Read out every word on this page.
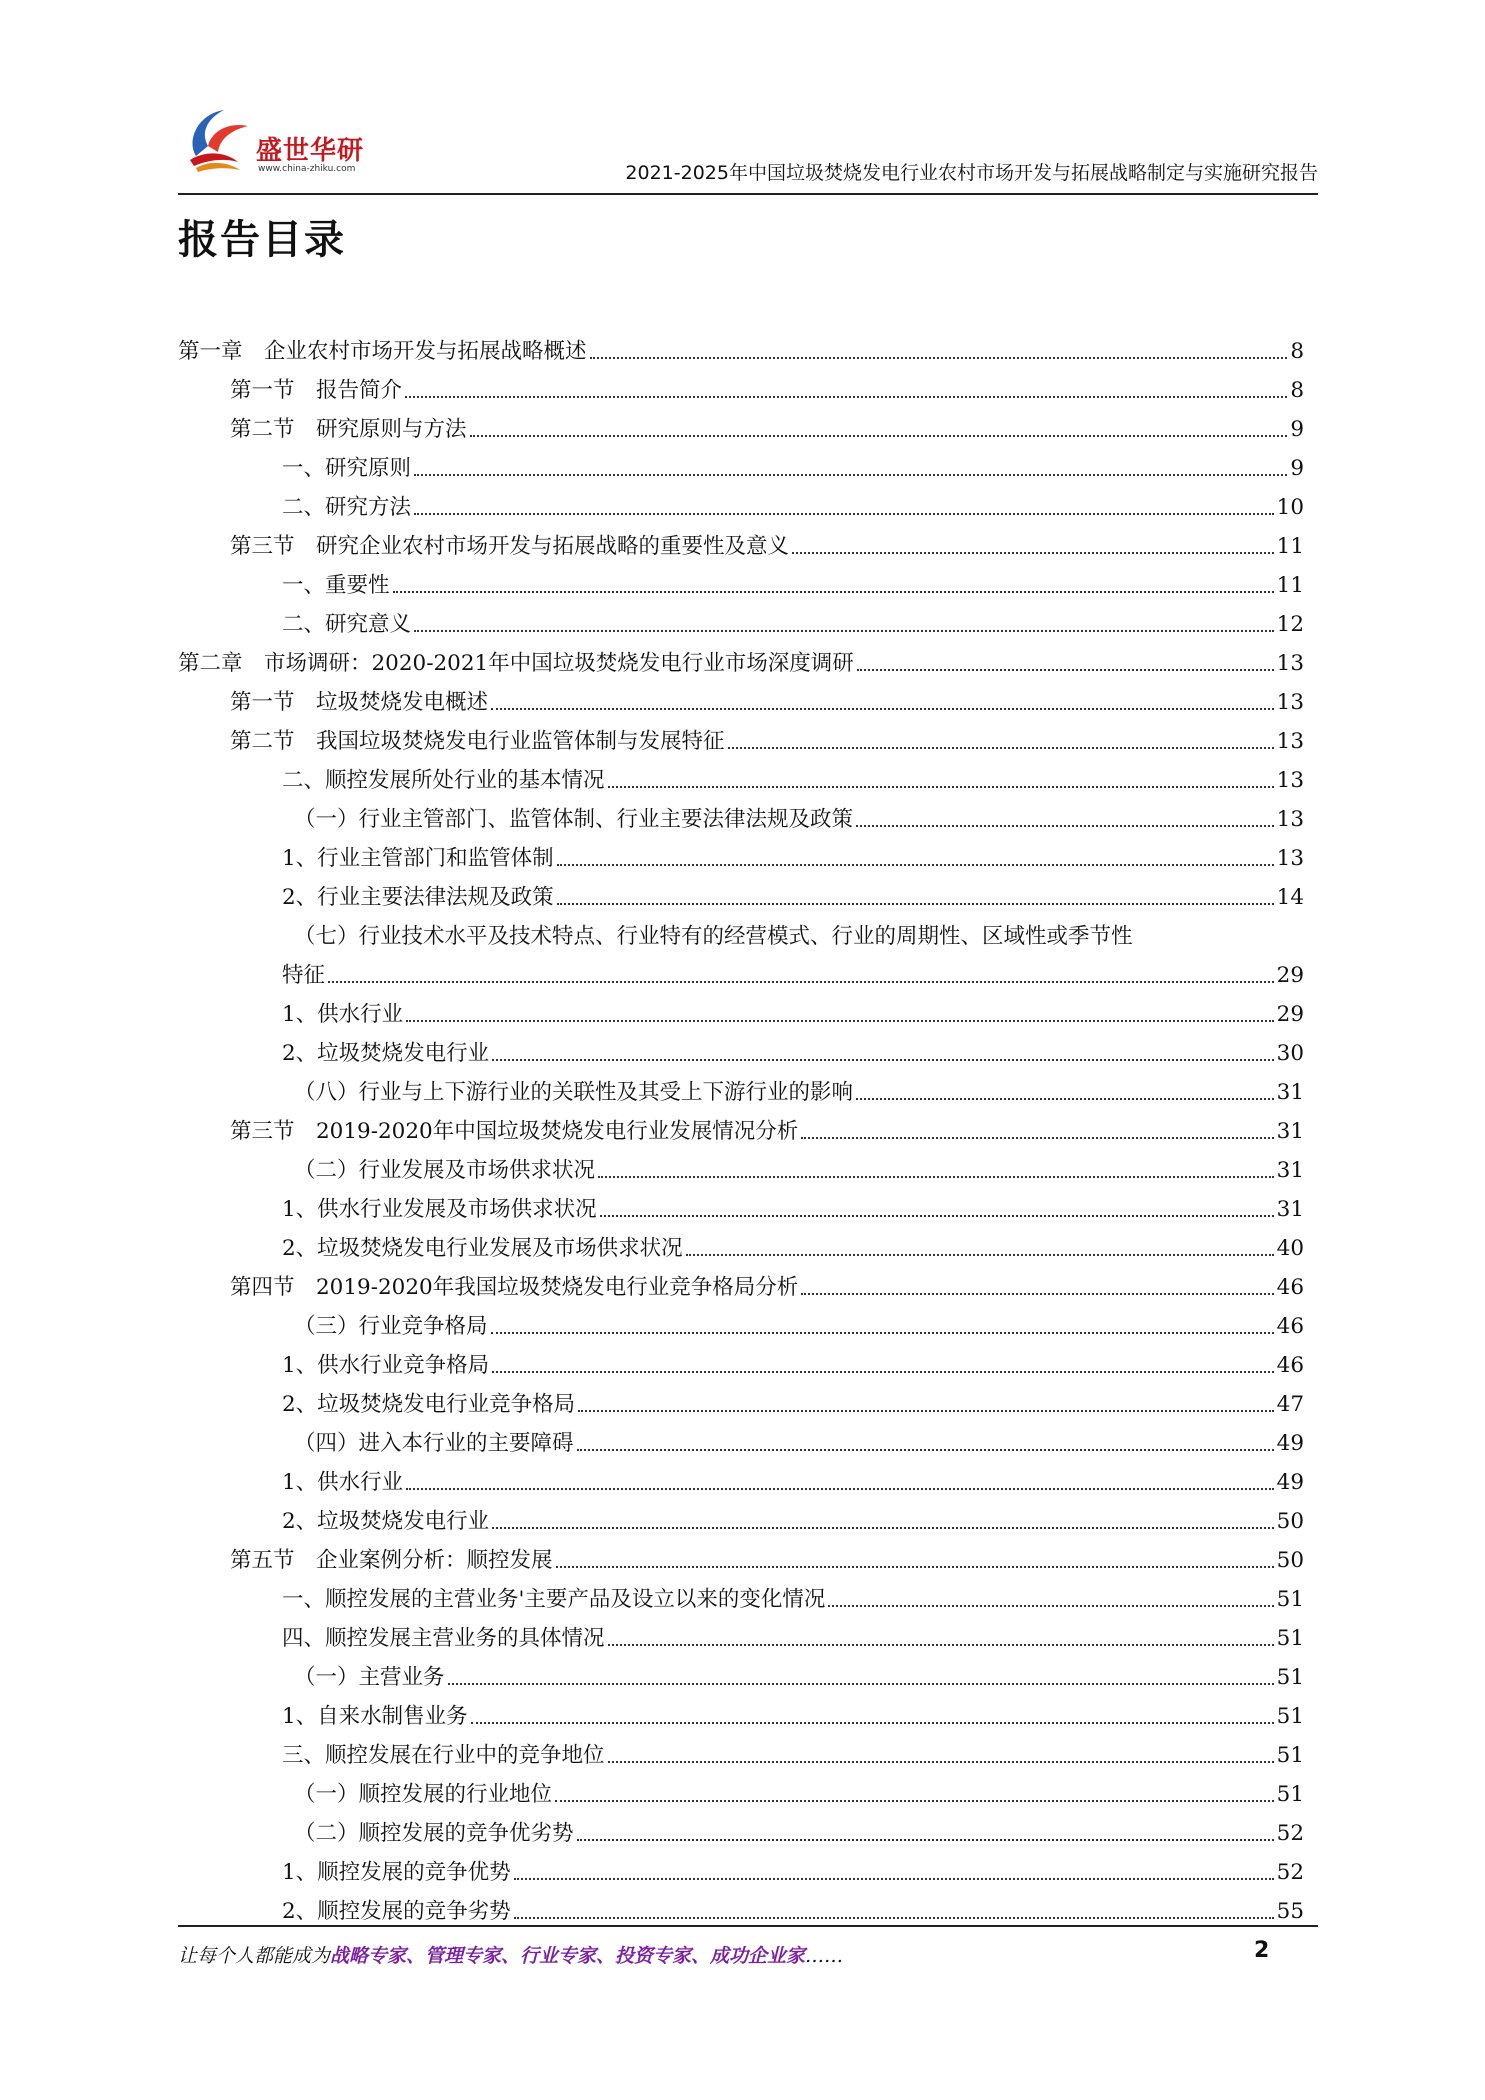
盛世华研
www.china-zhiku.com	2021-2025年中国垃圾焚烧发电行业农村市场开发与拓展战略制定与实施研究报告
报告目录
第一章　企业农村市场开发与拓展战略概述	8
第一节　报告简介	8
第二节　研究原则与方法	9
一、研究原则	9
二、研究方法	10
第三节　研究企业农村市场开发与拓展战略的重要性及意义	11
一、重要性	11
二、研究意义	12
第二章　市场调研：2020-2021年中国垃圾焚烧发电行业市场深度调研	13
第一节　垃圾焚烧发电概述	13
第二节　我国垃圾焚烧发电行业监管体制与发展特征	13
二、顺控发展所处行业的基本情况	13
（一）行业主管部门、监管体制、行业主要法律法规及政策	13
1、行业主管部门和监管体制	13
2、行业主要法律法规及政策	14
（七）行业技术水平及技术特点、行业特有的经营模式、行业的周期性、区域性或季节性
特征	29
1、供水行业	29
2、垃圾焚烧发电行业	30
（八）行业与上下游行业的关联性及其受上下游行业的影响	31
第三节　2019-2020年中国垃圾焚烧发电行业发展情况分析	31
（二）行业发展及市场供求状况	31
1、供水行业发展及市场供求状况	31
2、垃圾焚烧发电行业发展及市场供求状况	40
第四节　2019-2020年我国垃圾焚烧发电行业竞争格局分析	46
（三）行业竞争格局	46
1、供水行业竞争格局	46
2、垃圾焚烧发电行业竞争格局	47
（四）进入本行业的主要障碍	49
1、供水行业	49
2、垃圾焚烧发电行业	50
第五节　企业案例分析：顺控发展	50
一、顺控发展的主营业务'主要产品及设立以来的变化情况	51
四、顺控发展主营业务的具体情况	51
（一）主营业务	51
1、自来水制售业务	51
三、顺控发展在行业中的竞争地位	51
（一）顺控发展的行业地位	51
（二）顺控发展的竞争优劣势	52
1、顺控发展的竞争优势	52
2、顺控发展的竞争劣势	55
让每个人都能成为战略专家、管理专家、行业专家、投资专家、成功企业家……	2
